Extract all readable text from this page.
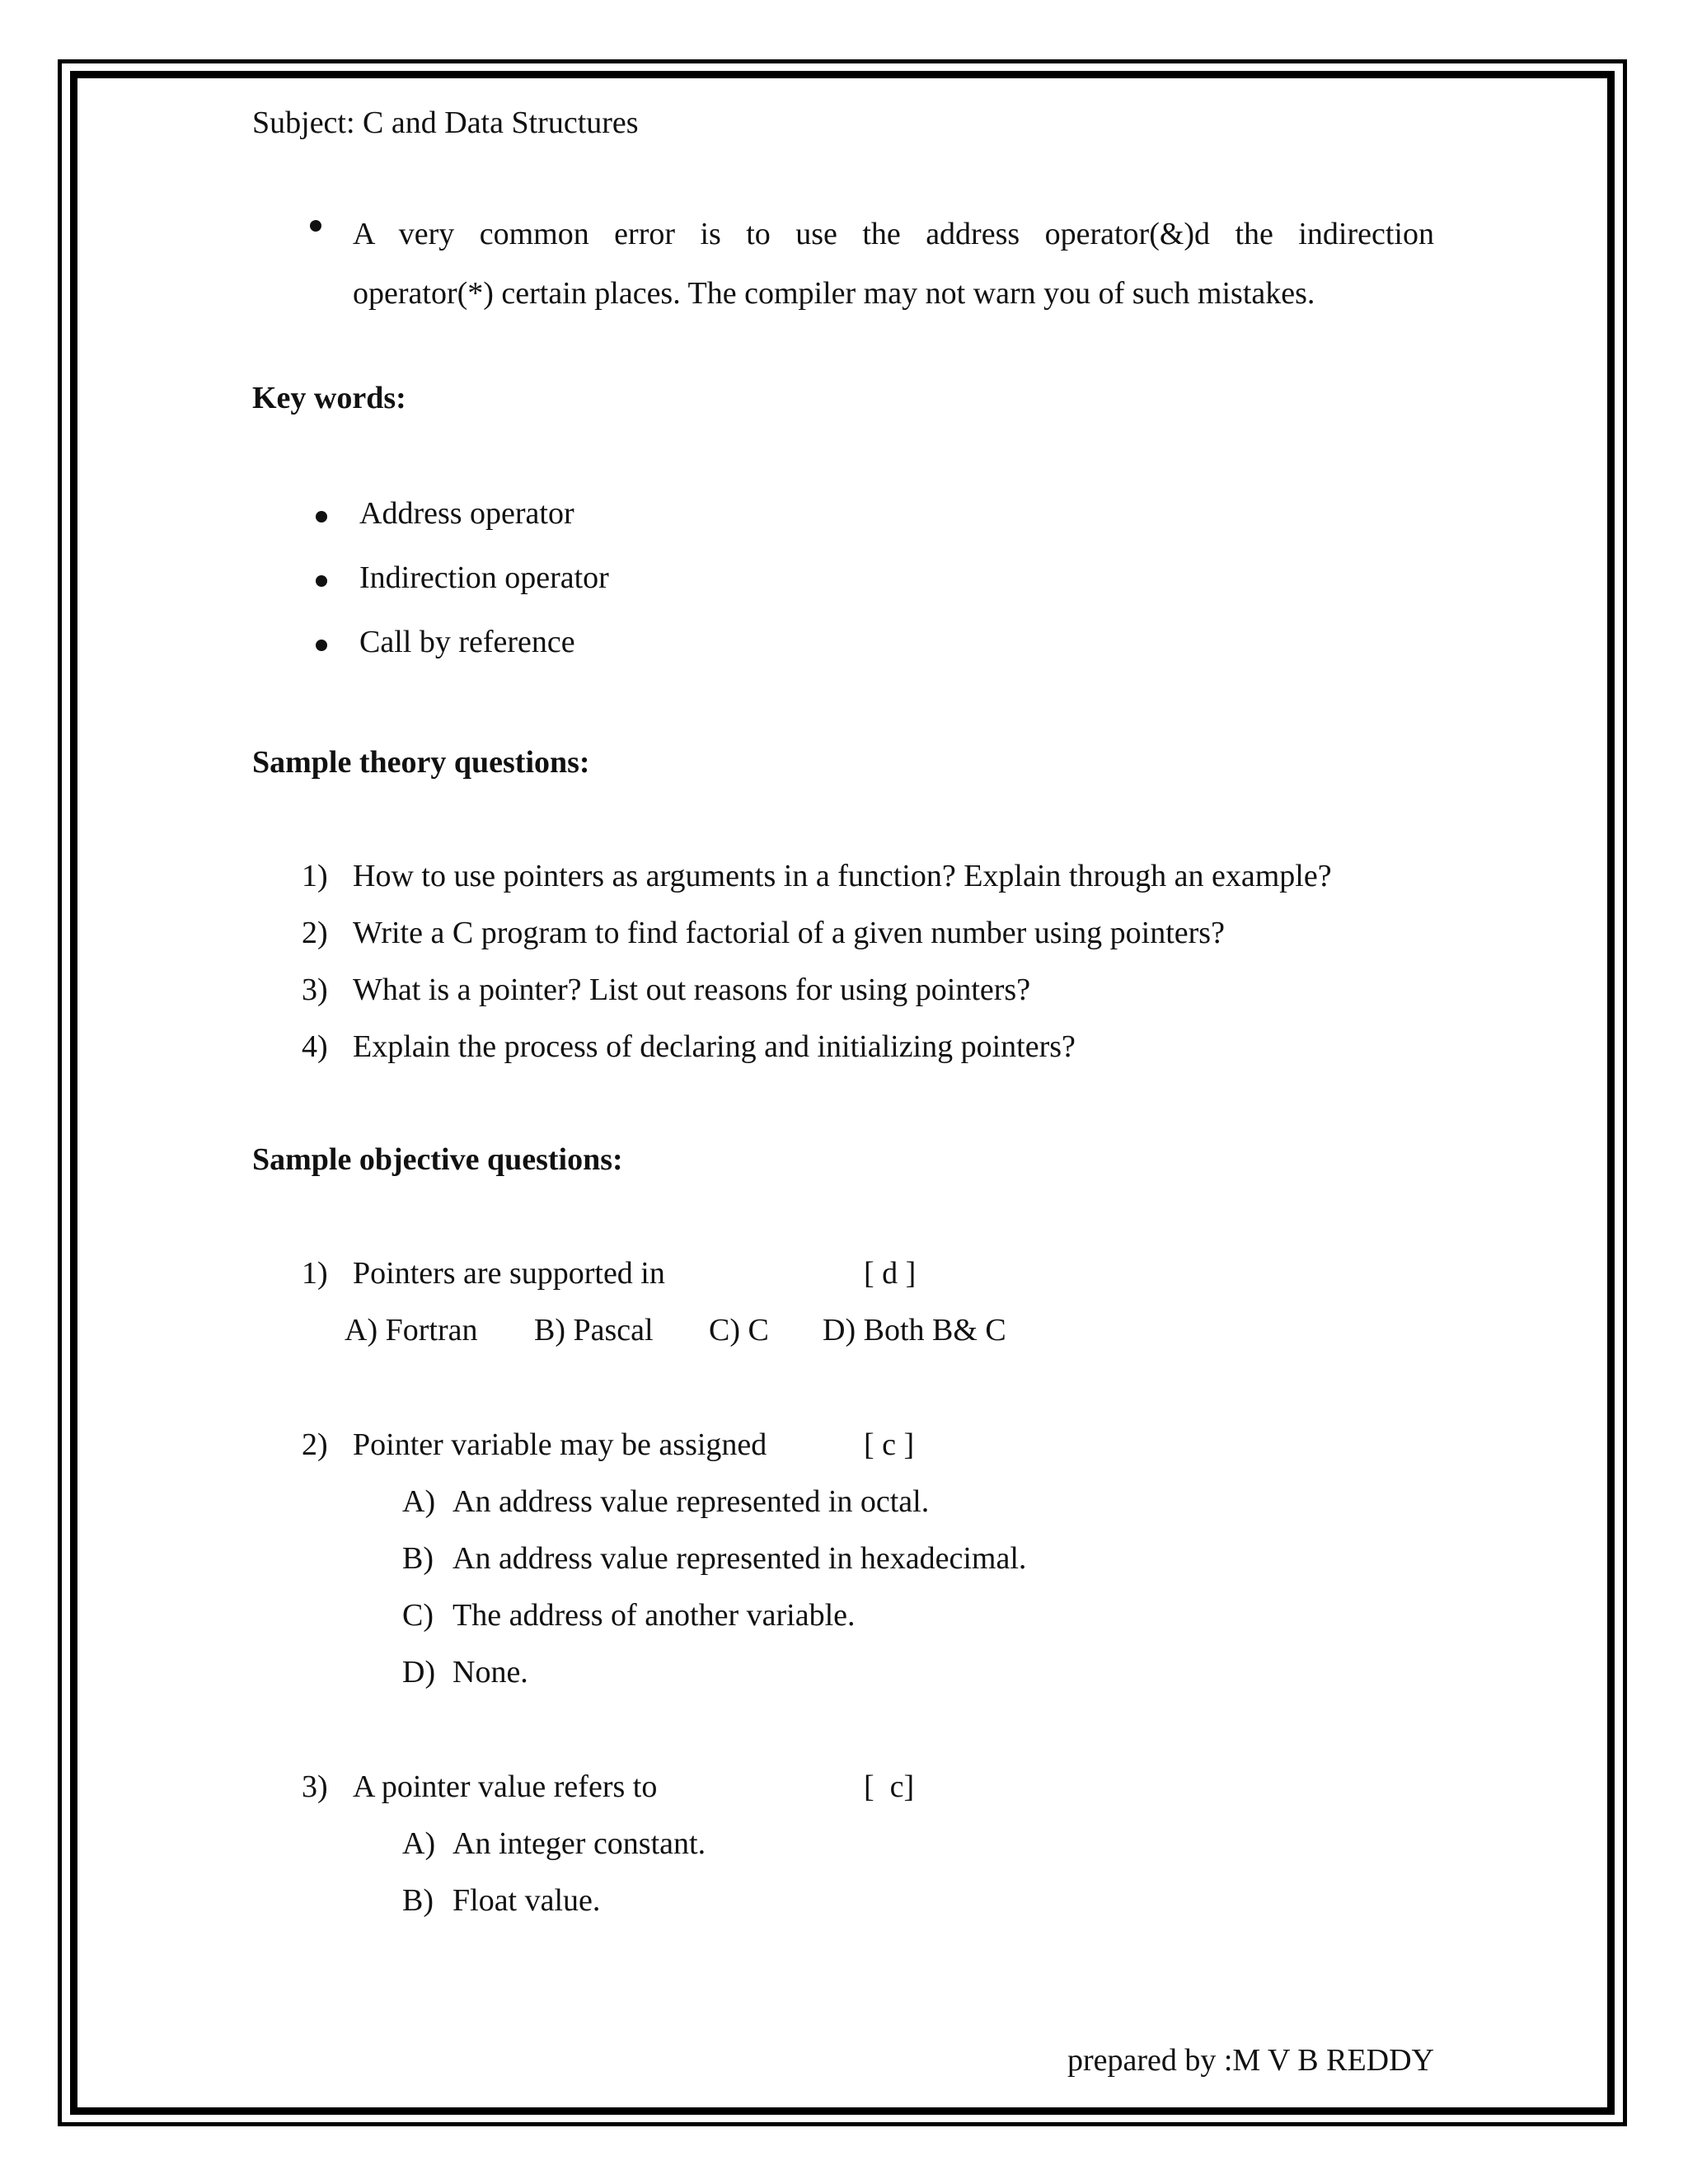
Subject: C and Data Structures
A very common error is to use the address operator(&)d the indirection
operator(*) certain places. The compiler may not warn you of such mistakes.
Key words:
Address operator
Indirection operator
Call by reference
Sample theory questions:
1) How to use pointers as arguments in a function? Explain through an example?
2) Write a C program to find factorial of a given number using pointers?
3) What is a pointer? List out reasons for using pointers?
4) Explain the process of declaring and initializing pointers?
Sample objective questions:
1) Pointers are supported in	[ d ]
A) Fortran B) Pascal C) C D) Both B& C
2) Pointer variable may be assigned	[ c ]
A) An address value represented in octal.
B) An address value represented in hexadecimal.
C) The address of another variable.
D) None.
3) A pointer value refers to	[  c]
A) An integer constant.
B) Float value.
prepared by :M V B REDDY
